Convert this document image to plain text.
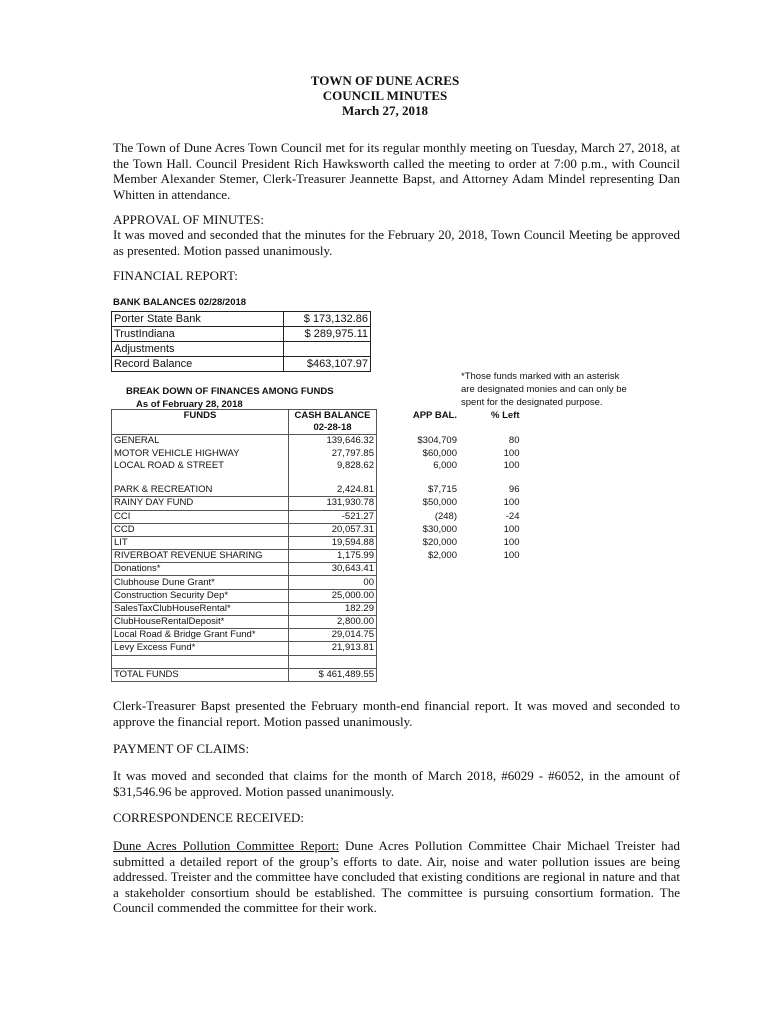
TOWN OF DUNE ACRES
COUNCIL MINUTES
March 27, 2018
The Town of Dune Acres Town Council met for its regular monthly meeting on Tuesday, March 27, 2018, at the Town Hall. Council President Rich Hawksworth called the meeting to order at 7:00 p.m., with Council Member Alexander Stemer, Clerk-Treasurer Jeannette Bapst, and Attorney Adam Mindel representing Dan Whitten in attendance.
APPROVAL OF MINUTES:
It was moved and seconded that the minutes for the February 20, 2018, Town Council Meeting be approved as presented. Motion passed unanimously.
FINANCIAL REPORT:
BANK BALANCES 02/28/2018
Porter State Bank	$ 173,132.86
TrustIndiana	$ 289,975.11
Adjustments	
Record Balance	$463,107.97
*Those funds marked with an asterisk
are designated monies and can only be
spent for the designated purpose.
BREAK DOWN OF FINANCES AMONG FUNDS
As of February 28, 2018
FUNDS	CASH BALANCE	APP BAL.	% Left
	02-28-18		
GENERAL	139,646.32	$304,709	80
MOTOR VEHICLE HIGHWAY	27,797.85	$60,000	100
LOCAL ROAD & STREET	9,828.62	6,000	100

PARK & RECREATION	2,424.81	$7,715	96
RAINY DAY FUND	131,930.78	$50,000	100
CCI	-521.27	(248)	-24
CCD	20,057.31	$30,000	100
LIT	19,594.88	$20,000	100
RIVERBOAT REVENUE SHARING	1,175.99	$2,000	100
Donations*	30,643.41		
Clubhouse Dune Grant*	00		
Construction Security Dep*	25,000.00		
SalesTaxClubHouseRental*	182.29		
ClubHouseRentalDeposit*	2,800.00		
Local Road & Bridge Grant Fund*	29,014.75		
Levy Excess Fund*	21,913.81		

TOTAL FUNDS	$ 461,489.55		
Clerk-Treasurer Bapst presented the February month-end financial report. It was moved and seconded to approve the financial report. Motion passed unanimously.
PAYMENT OF CLAIMS:
It was moved and seconded that claims for the month of March 2018, #6029 - #6052, in the amount of $31,546.96 be approved. Motion passed unanimously.
CORRESPONDENCE RECEIVED:
Dune Acres Pollution Committee Report: Dune Acres Pollution Committee Chair Michael Treister had submitted a detailed report of the group’s efforts to date. Air, noise and water pollution issues are being addressed. Treister and the committee have concluded that existing conditions are regional in nature and that a stakeholder consortium should be established. The committee is pursuing consortium formation. The Council commended the committee for their work.
